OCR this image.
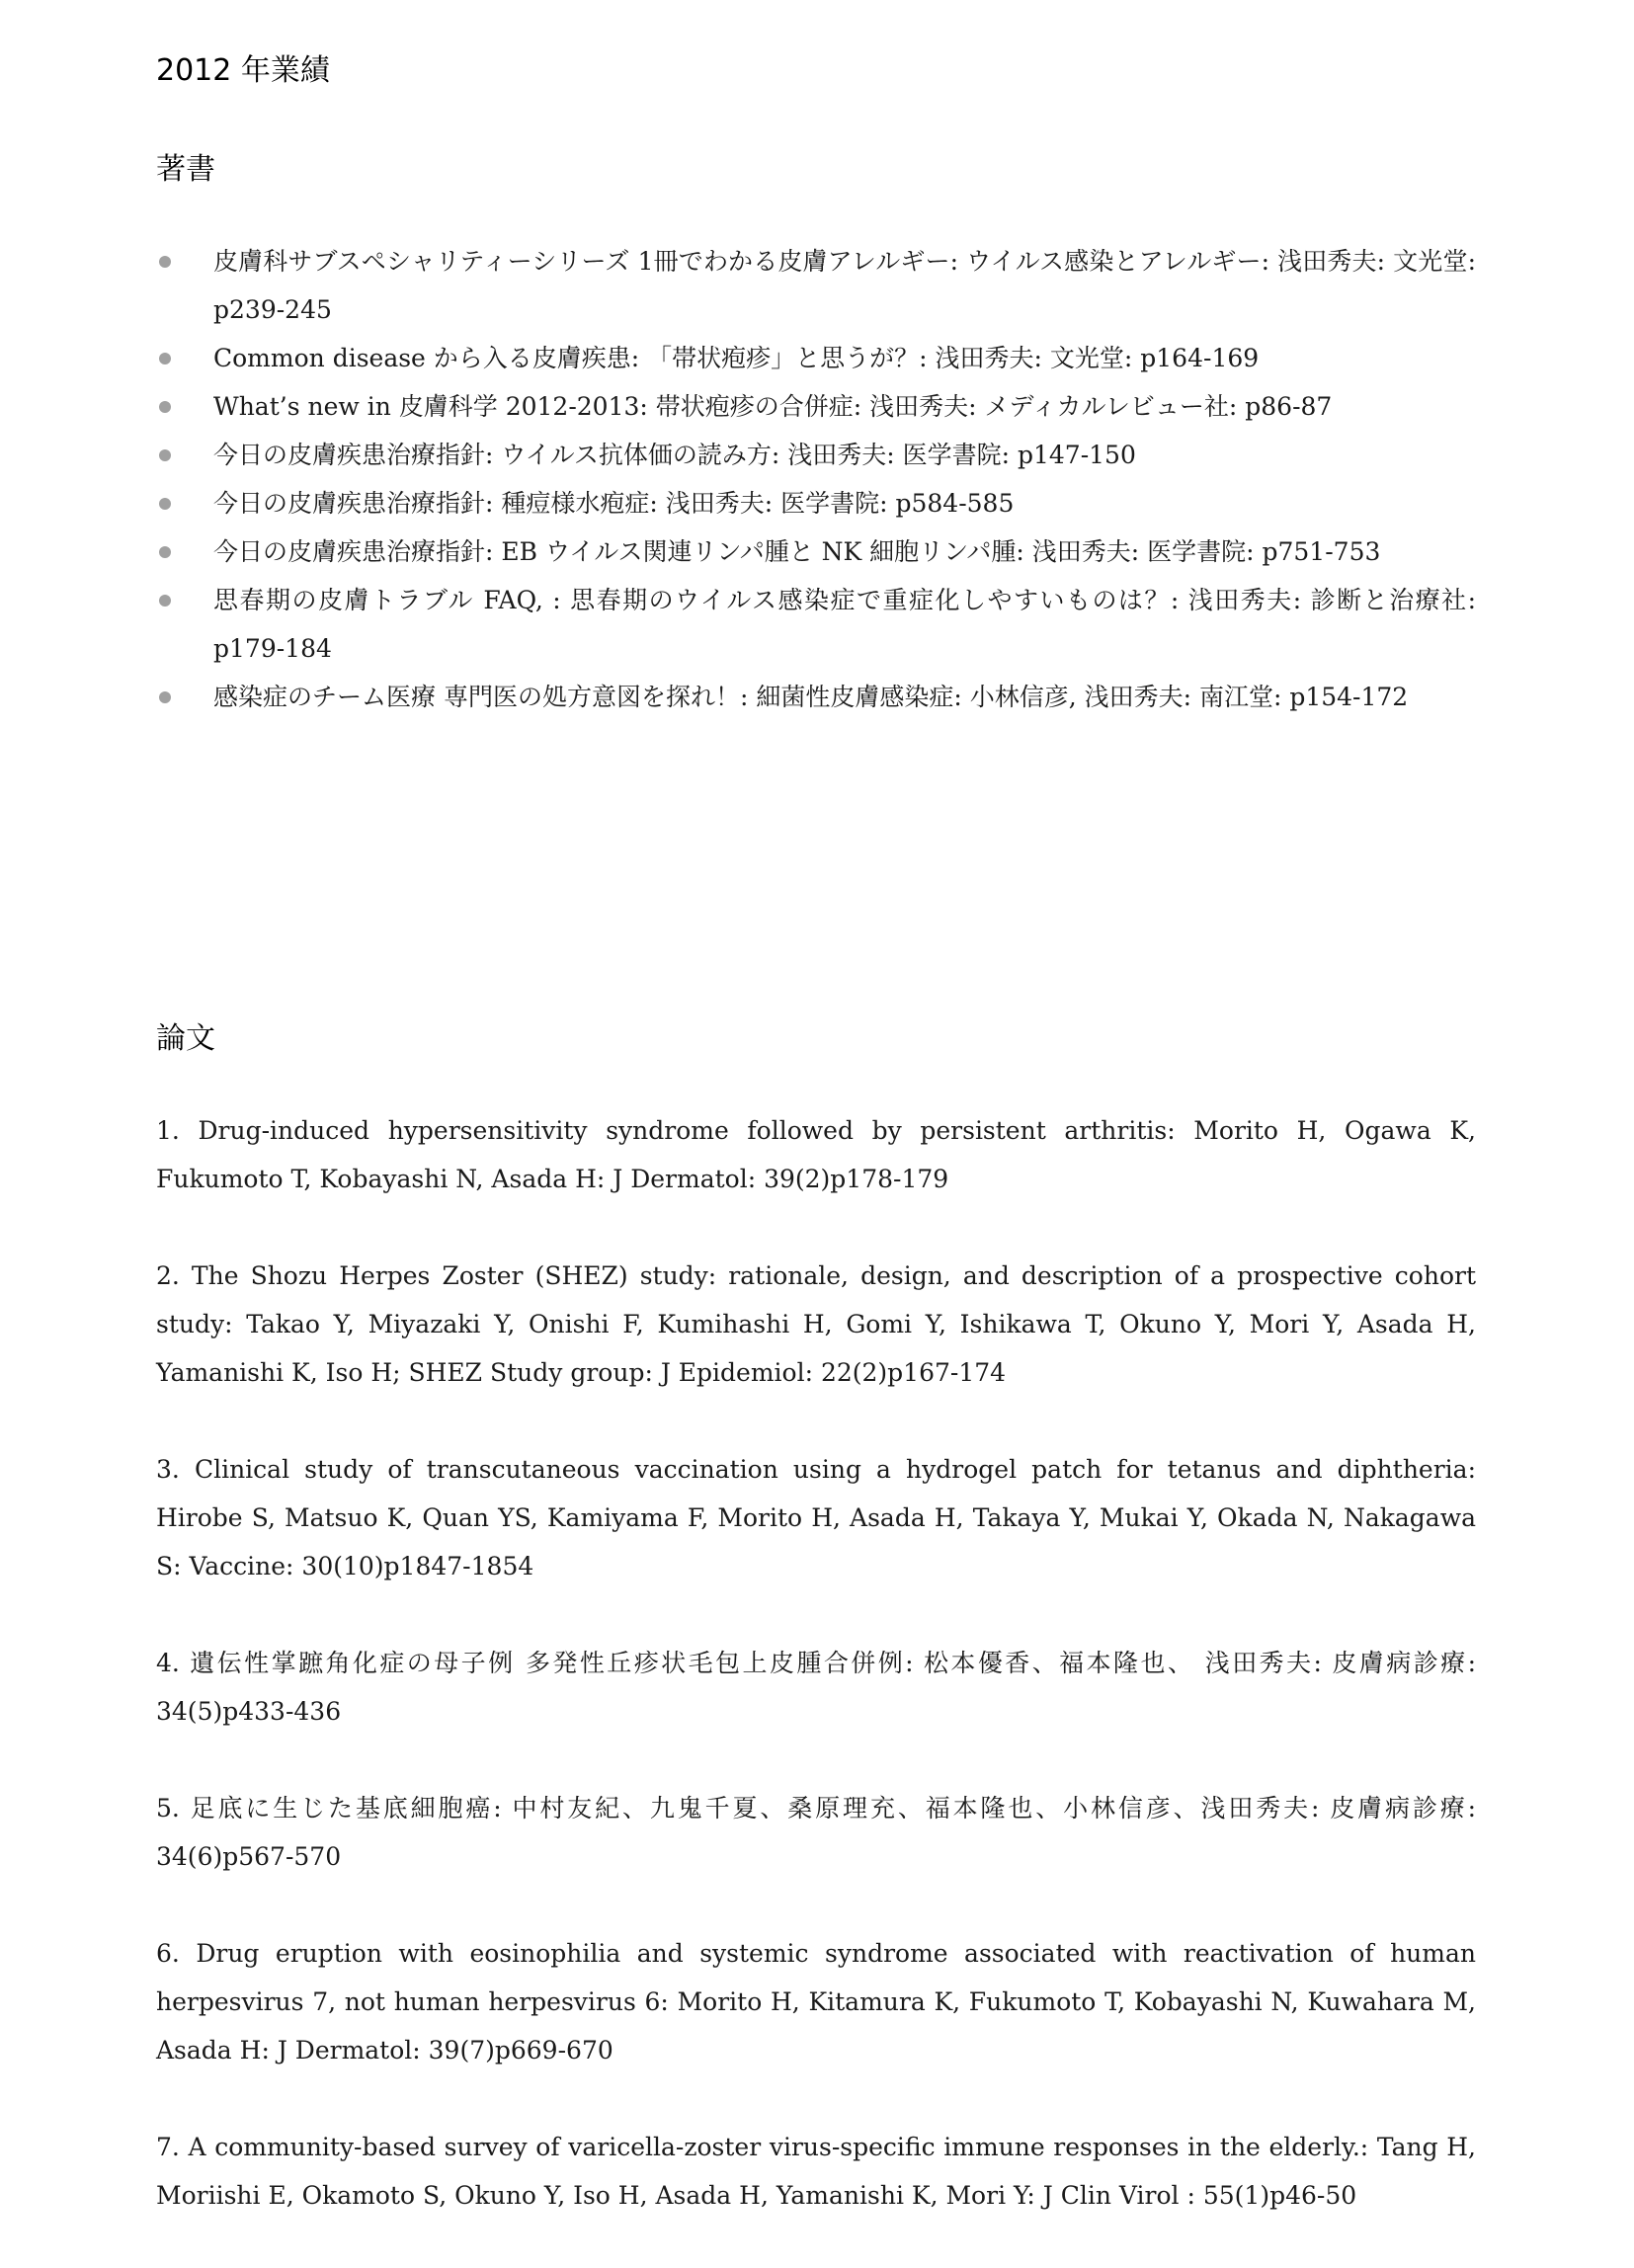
2012 年業績
著書
皮膚科サブスペシャリティーシリーズ 1冊でわかる皮膚アレルギー: ウイルス感染とアレルギー: 浅田秀夫: 文光堂: p239-245
Common disease から入る皮膚疾患: 「帯状疱疹」と思うが？: 浅田秀夫: 文光堂: p164-169
What’s new in 皮膚科学 2012-2013: 帯状疱疹の合併症: 浅田秀夫: メディカルレビュー社: p86-87
今日の皮膚疾患治療指針: ウイルス抗体価の読み方: 浅田秀夫: 医学書院: p147-150
今日の皮膚疾患治療指針: 種痘様水疱症: 浅田秀夫: 医学書院: p584-585
今日の皮膚疾患治療指針: EB ウイルス関連リンパ腫と NK 細胞リンパ腫: 浅田秀夫: 医学書院: p751-753
思春期の皮膚トラブル FAQ, : 思春期のウイルス感染症で重症化しやすいものは？: 浅田秀夫: 診断と治療社: p179-184
感染症のチーム医療 専門医の処方意図を探れ！: 細菌性皮膚感染症: 小林信彦, 浅田秀夫: 南江堂: p154-172
論文

1. Drug-induced hypersensitivity syndrome followed by persistent arthritis: Morito H, Ogawa K, Fukumoto T, Kobayashi N, Asada H: J Dermatol: 39(2)p178-179

2. The Shozu Herpes Zoster (SHEZ) study: rationale, design, and description of a prospective cohort study: Takao Y, Miyazaki Y, Onishi F, Kumihashi H, Gomi Y, Ishikawa T, Okuno Y, Mori Y, Asada H, Yamanishi K, Iso H; SHEZ Study group: J Epidemiol: 22(2)p167-174

3. Clinical study of transcutaneous vaccination using a hydrogel patch for tetanus and diphtheria: Hirobe S, Matsuo K, Quan YS, Kamiyama F, Morito H, Asada H, Takaya Y, Mukai Y, Okada N, Nakagawa S: Vaccine: 30(10)p1847-1854

4. 遺伝性掌蹠角化症の母子例 多発性丘疹状毛包上皮腫合併例: 松本優香、福本隆也、 浅田秀夫: 皮膚病診療: 34(5)p433-436

5. 足底に生じた基底細胞癌: 中村友紀、九鬼千夏、桑原理充、福本隆也、小林信彦、浅田秀夫: 皮膚病診療: 34(6)p567-570

6. Drug eruption with eosinophilia and systemic syndrome associated with reactivation of human herpesvirus 7, not human herpesvirus 6: Morito H, Kitamura K, Fukumoto T, Kobayashi N, Kuwahara M, Asada H: J Dermatol: 39(7)p669-670

7. A community-based survey of varicella-zoster virus-specific immune responses in the elderly.: Tang H, Moriishi E, Okamoto S, Okuno Y, Iso H, Asada H, Yamanishi K, Mori Y: J Clin Virol : 55(1)p46-50
